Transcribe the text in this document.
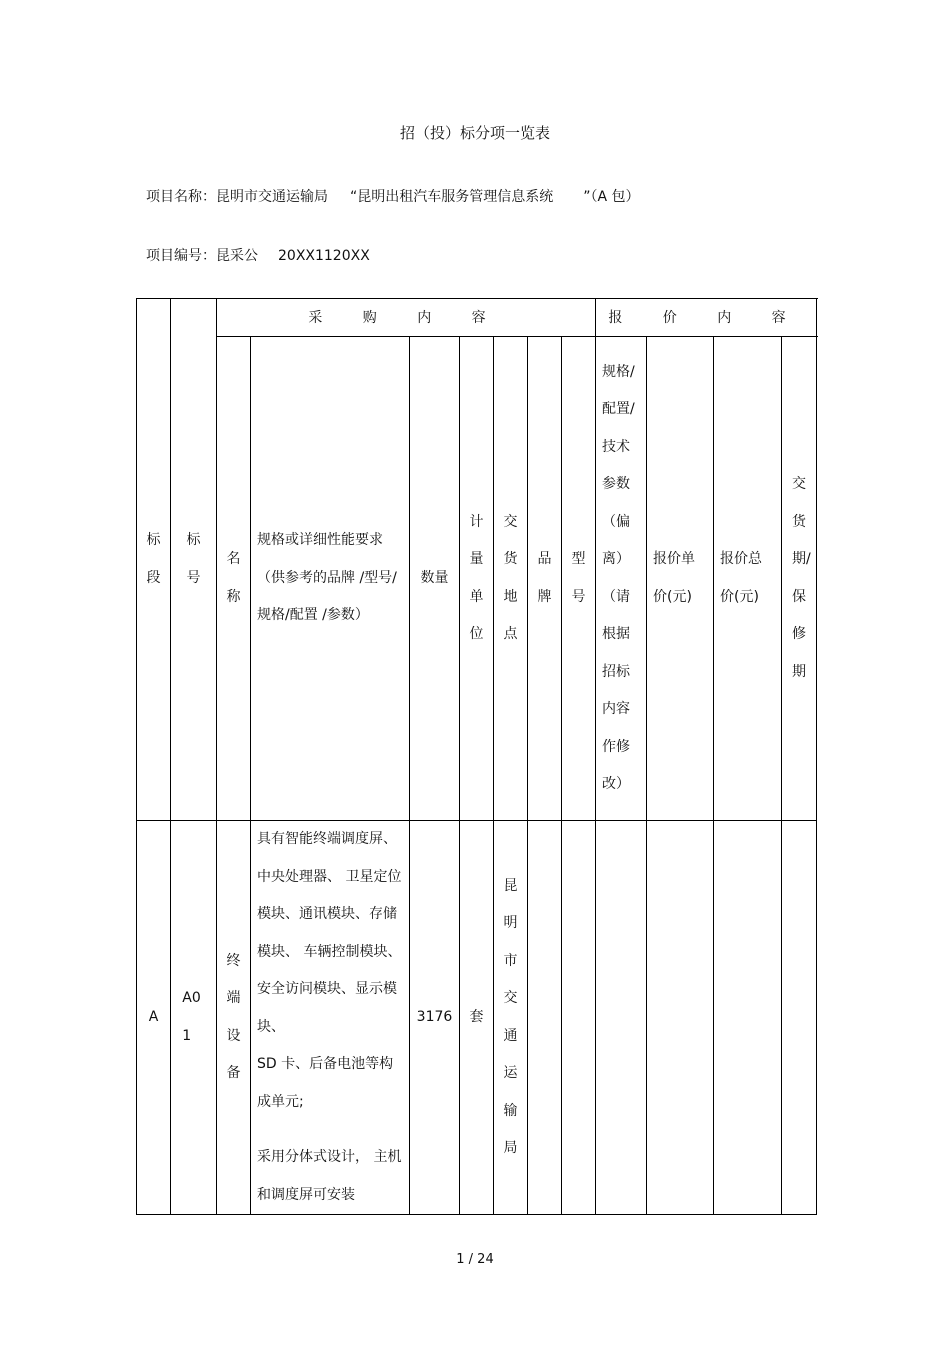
招（投）标分项一览表
项目名称：昆明市交通运输局 “昆明出租汽车服务管理信息系统 ”（A 包）
项目编号：昆采公 20XX1120XX
标段	标号	采 购 内 容							报 价 内 容			

		名称	规格或详细性能要求（供参考的品牌 /型号/规格/配置 /参数）	数量	计量单位	交货地点	品牌	型号	规格/配置/技术参数（偏离）（请根据招标内容作修改）	报价单价(元)	报价总价(元)	交货期/保修期

A	A01	终端设备	具有智能终端调度屏、中央处理器、 卫星定位模块、通讯模块、存储模块、 车辆控制模块、安全访问模块、显示模块、
SD 卡、后备电池等构成单元;
采用分体式设计， 主机和调度屏可安装	3176	套	昆明市交通运输局						

1 / 24
